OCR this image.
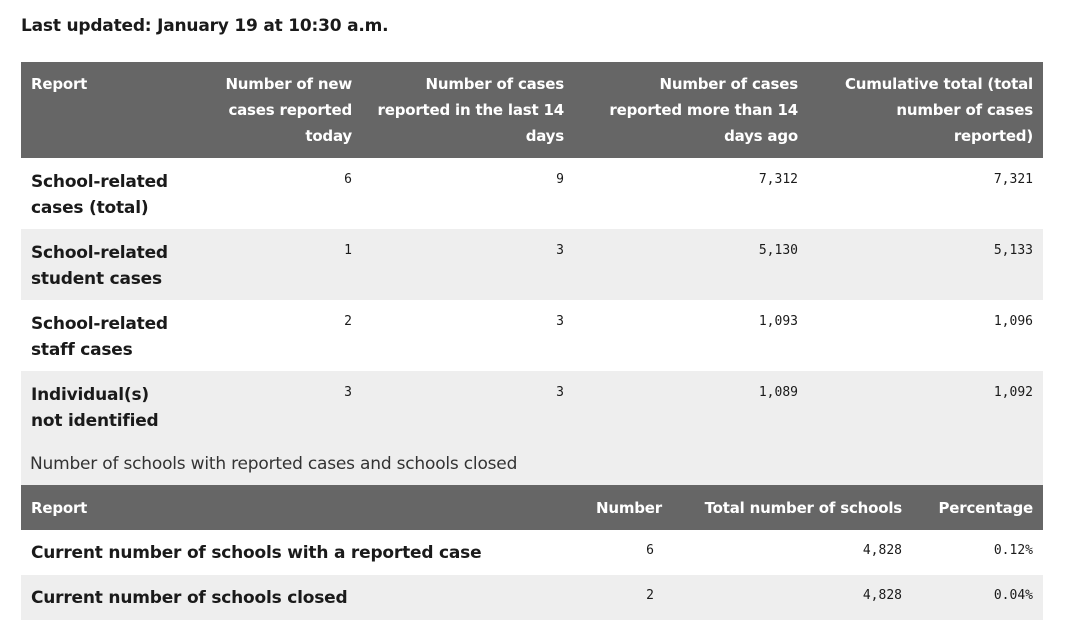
Last updated: January 19 at 10:30 a.m.
Report	Number of new cases reported today	Number of cases reported in the last 14 days	Number of cases reported more than 14 days ago	Cumulative total (total number of cases reported)
School-related cases (total)	6	9	7,312	7,321
School-related student cases	1	3	5,130	5,133
School-related staff cases	2	3	1,093	1,096
Individual(s) not identified	3	3	1,089	1,092
Number of schools with reported cases and schools closed
Report	Number	Total number of schools	Percentage
Current number of schools with a reported case	6	4,828	0.12%
Current number of schools closed	2	4,828	0.04%
